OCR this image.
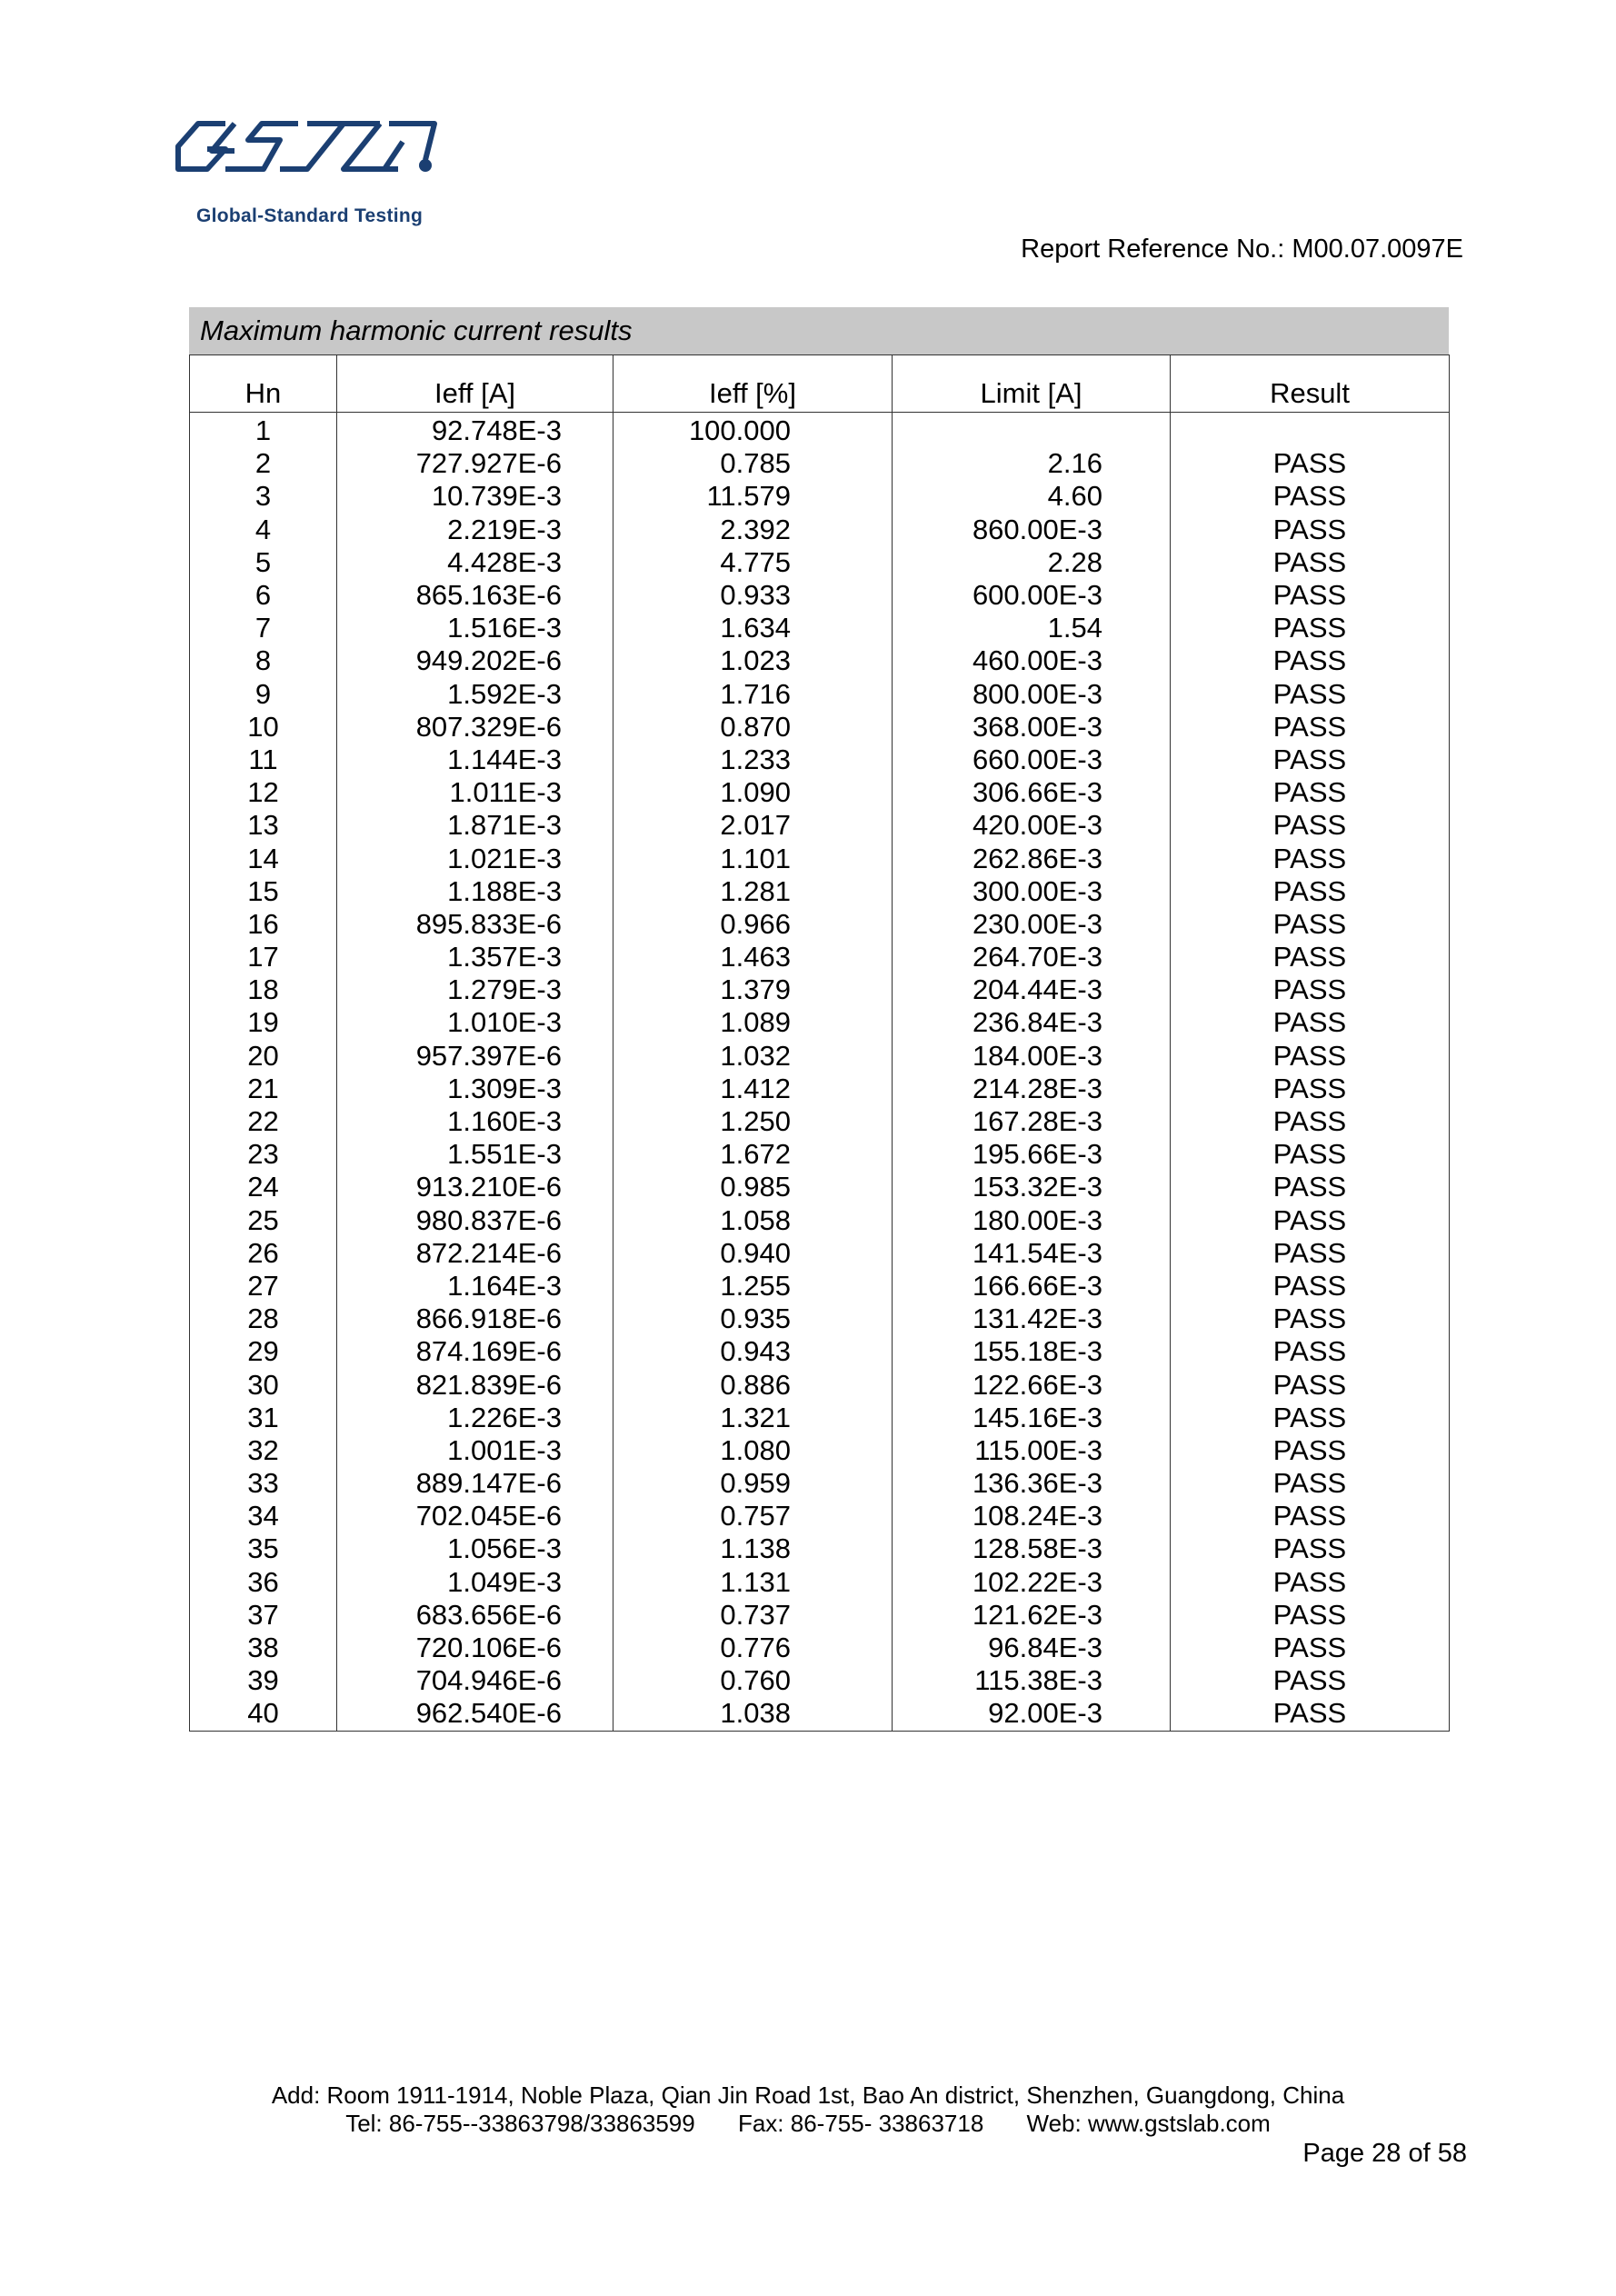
Global-Standard Testing
Report Reference No.: M00.07.0097E
Maximum harmonic current results
Hn	Ieff [A]	Ieff [%]	Limit [A]	Result
1	92.748E-3	100.000		
2	727.927E-6	0.785	2.16	PASS
3	10.739E-3	11.579	4.60	PASS
4	2.219E-3	2.392	860.00E-3	PASS
5	4.428E-3	4.775	2.28	PASS
6	865.163E-6	0.933	600.00E-3	PASS
7	1.516E-3	1.634	1.54	PASS
8	949.202E-6	1.023	460.00E-3	PASS
9	1.592E-3	1.716	800.00E-3	PASS
10	807.329E-6	0.870	368.00E-3	PASS
11	1.144E-3	1.233	660.00E-3	PASS
12	1.011E-3	1.090	306.66E-3	PASS
13	1.871E-3	2.017	420.00E-3	PASS
14	1.021E-3	1.101	262.86E-3	PASS
15	1.188E-3	1.281	300.00E-3	PASS
16	895.833E-6	0.966	230.00E-3	PASS
17	1.357E-3	1.463	264.70E-3	PASS
18	1.279E-3	1.379	204.44E-3	PASS
19	1.010E-3	1.089	236.84E-3	PASS
20	957.397E-6	1.032	184.00E-3	PASS
21	1.309E-3	1.412	214.28E-3	PASS
22	1.160E-3	1.250	167.28E-3	PASS
23	1.551E-3	1.672	195.66E-3	PASS
24	913.210E-6	0.985	153.32E-3	PASS
25	980.837E-6	1.058	180.00E-3	PASS
26	872.214E-6	0.940	141.54E-3	PASS
27	1.164E-3	1.255	166.66E-3	PASS
28	866.918E-6	0.935	131.42E-3	PASS
29	874.169E-6	0.943	155.18E-3	PASS
30	821.839E-6	0.886	122.66E-3	PASS
31	1.226E-3	1.321	145.16E-3	PASS
32	1.001E-3	1.080	115.00E-3	PASS
33	889.147E-6	0.959	136.36E-3	PASS
34	702.045E-6	0.757	108.24E-3	PASS
35	1.056E-3	1.138	128.58E-3	PASS
36	1.049E-3	1.131	102.22E-3	PASS
37	683.656E-6	0.737	121.62E-3	PASS
38	720.106E-6	0.776	96.84E-3	PASS
39	704.946E-6	0.760	115.38E-3	PASS
40	962.540E-6	1.038	92.00E-3	PASS
Add: Room 1911-1914, Noble Plaza, Qian Jin Road 1st, Bao An district, Shenzhen, Guangdong, China
Tel: 86-755--33863798/33863599 Fax: 86-755- 33863718 Web: www.gstslab.com
Page 28 of 58
